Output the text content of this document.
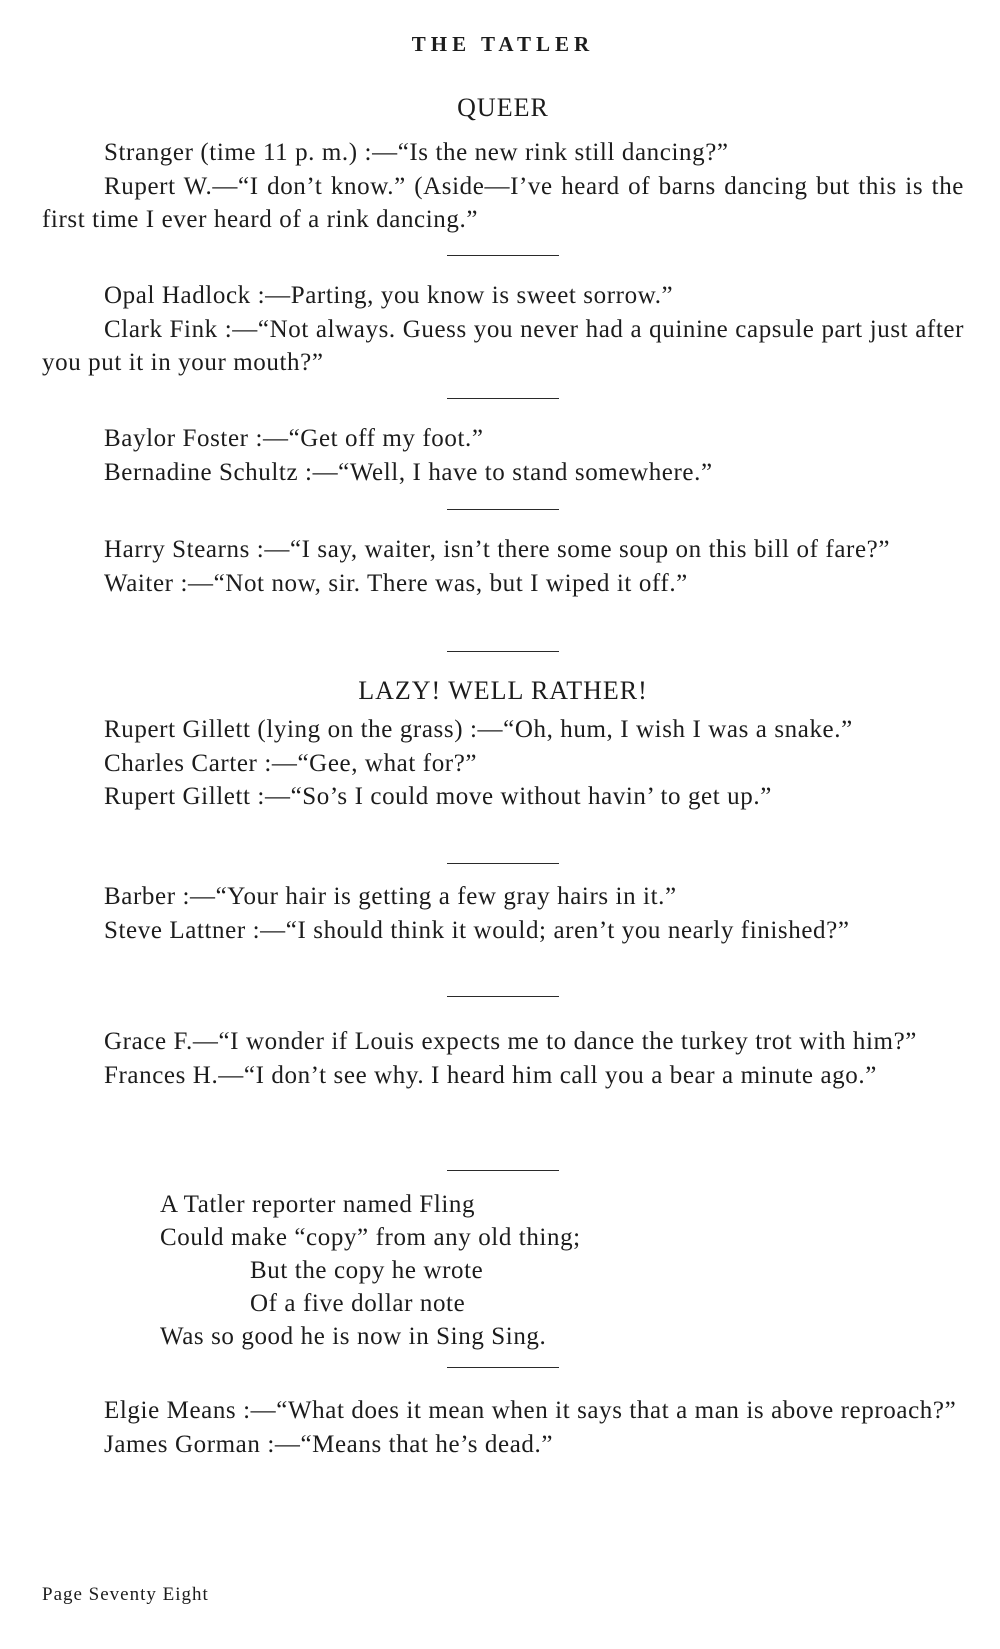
THE TATLER
QUEER

Stranger (time 11 p. m.) :—“Is the new rink still dancing?”

Rupert W.—“I don’t know.” (Aside—I’ve heard of barns dancing but this is the first time I ever heard of a rink dancing.”

Opal Hadlock :—Parting, you know is sweet sorrow.”

Clark Fink :—“Not always. Guess you never had a quinine capsule part just after you put it in your mouth?”

Baylor Foster :—“Get off my foot.”

Bernadine Schultz :—“Well, I have to stand somewhere.”

Harry Stearns :—“I say, waiter, isn’t there some soup on this bill of fare?”

Waiter :—“Not now, sir. There was, but I wiped it off.”

LAZY! WELL RATHER!

Rupert Gillett (lying on the grass) :—“Oh, hum, I wish I was a snake.”

Charles Carter :—“Gee, what for?”

Rupert Gillett :—“So’s I could move without havin’ to get up.”

Barber :—“Your hair is getting a few gray hairs in it.”

Steve Lattner :—“I should think it would; aren’t you nearly finished?”

Grace F.—“I wonder if Louis expects me to dance the turkey trot with him?”

Frances H.—“I don’t see why. I heard him call you a bear a minute ago.”

A Tatler reporter named Fling
Could make “copy” from any old thing;
But the copy he wrote
Of a five dollar note
Was so good he is now in Sing Sing.

Elgie Means :—“What does it mean when it says that a man is above reproach?”

James Gorman :—“Means that he’s dead.”

Page Seventy Eight
